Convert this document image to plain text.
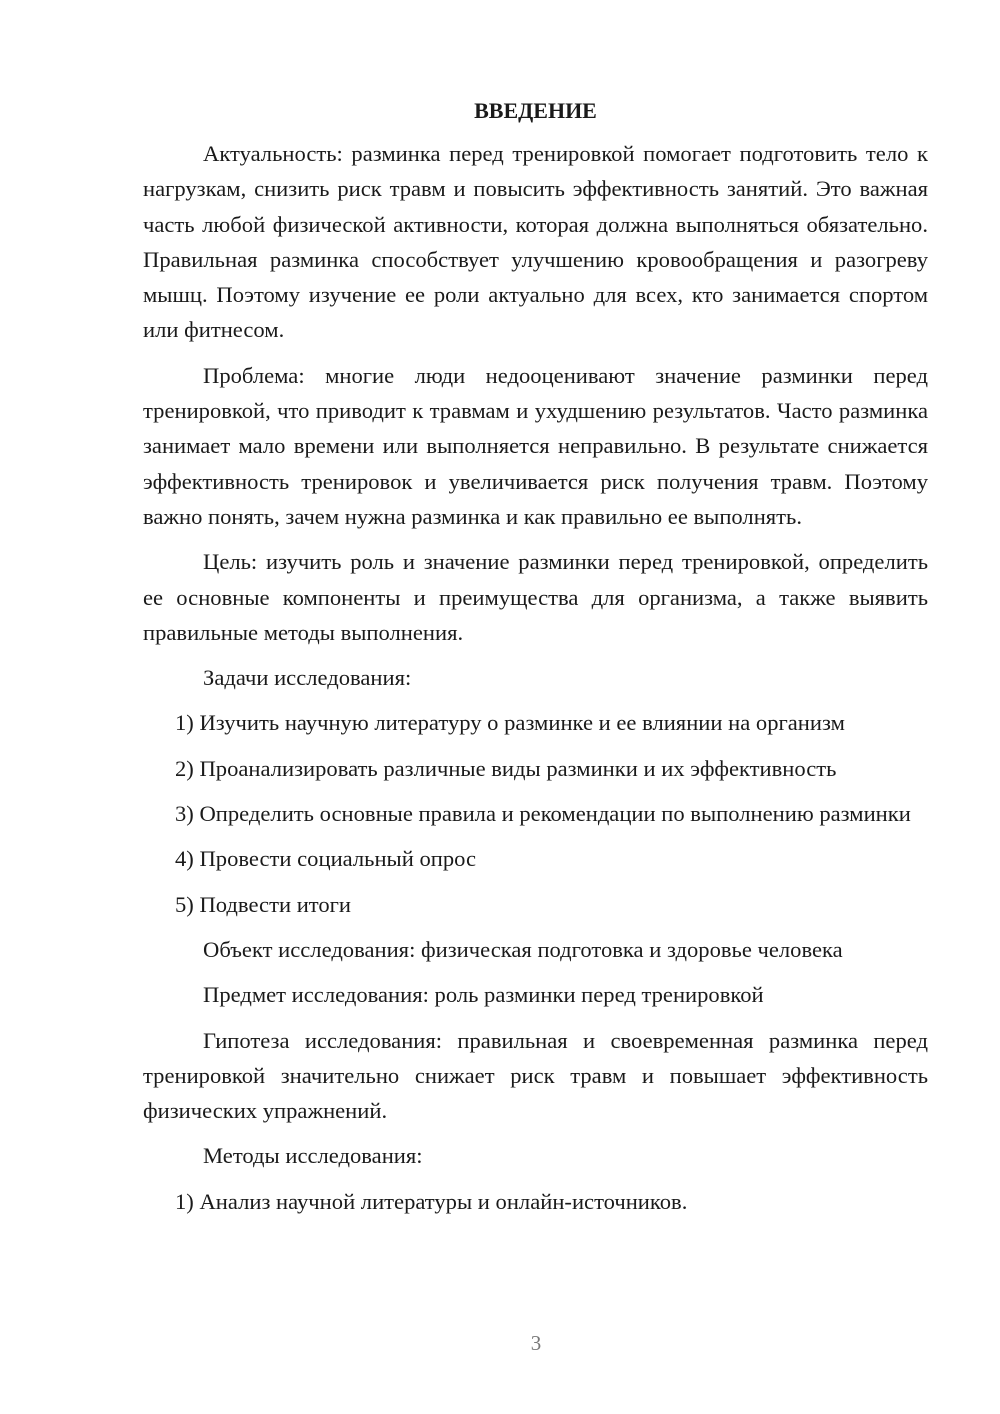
ВВЕДЕНИЕ

Актуальность: разминка перед тренировкой помогает подготовить тело к нагрузкам, снизить риск травм и повысить эффективность занятий. Это важная часть любой физической активности, которая должна выполняться обязательно. Правильная разминка способствует улучшению кровообращения и разогреву мышц. Поэтому изучение ее роли актуально для всех, кто занимается спортом или фитнесом.

Проблема: многие люди недооценивают значение разминки перед тренировкой, что приводит к травмам и ухудшению результатов. Часто разминка занимает мало времени или выполняется неправильно. В результате снижается эффективность тренировок и увеличивается риск получения травм. Поэтому важно понять, зачем нужна разминка и как правильно ее выполнять.

Цель: изучить роль и значение разминки перед тренировкой, определить ее основные компоненты и преимущества для организма, а также выявить правильные методы выполнения.

Задачи исследования:
1) Изучить научную литературу о разминке и ее влиянии на организм
2) Проанализировать различные виды разминки и их эффективность
3) Определить основные правила и рекомендации по выполнению разминки
4) Провести социальный опрос
5) Подвести итоги
Объект исследования: физическая подготовка и здоровье человека
Предмет исследования: роль разминки перед тренировкой

Гипотеза исследования: правильная и своевременная разминка перед тренировкой значительно снижает риск травм и повышает эффективность физических упражнений.

Методы исследования:
1) Анализ научной литературы и онлайн-источников.
3
